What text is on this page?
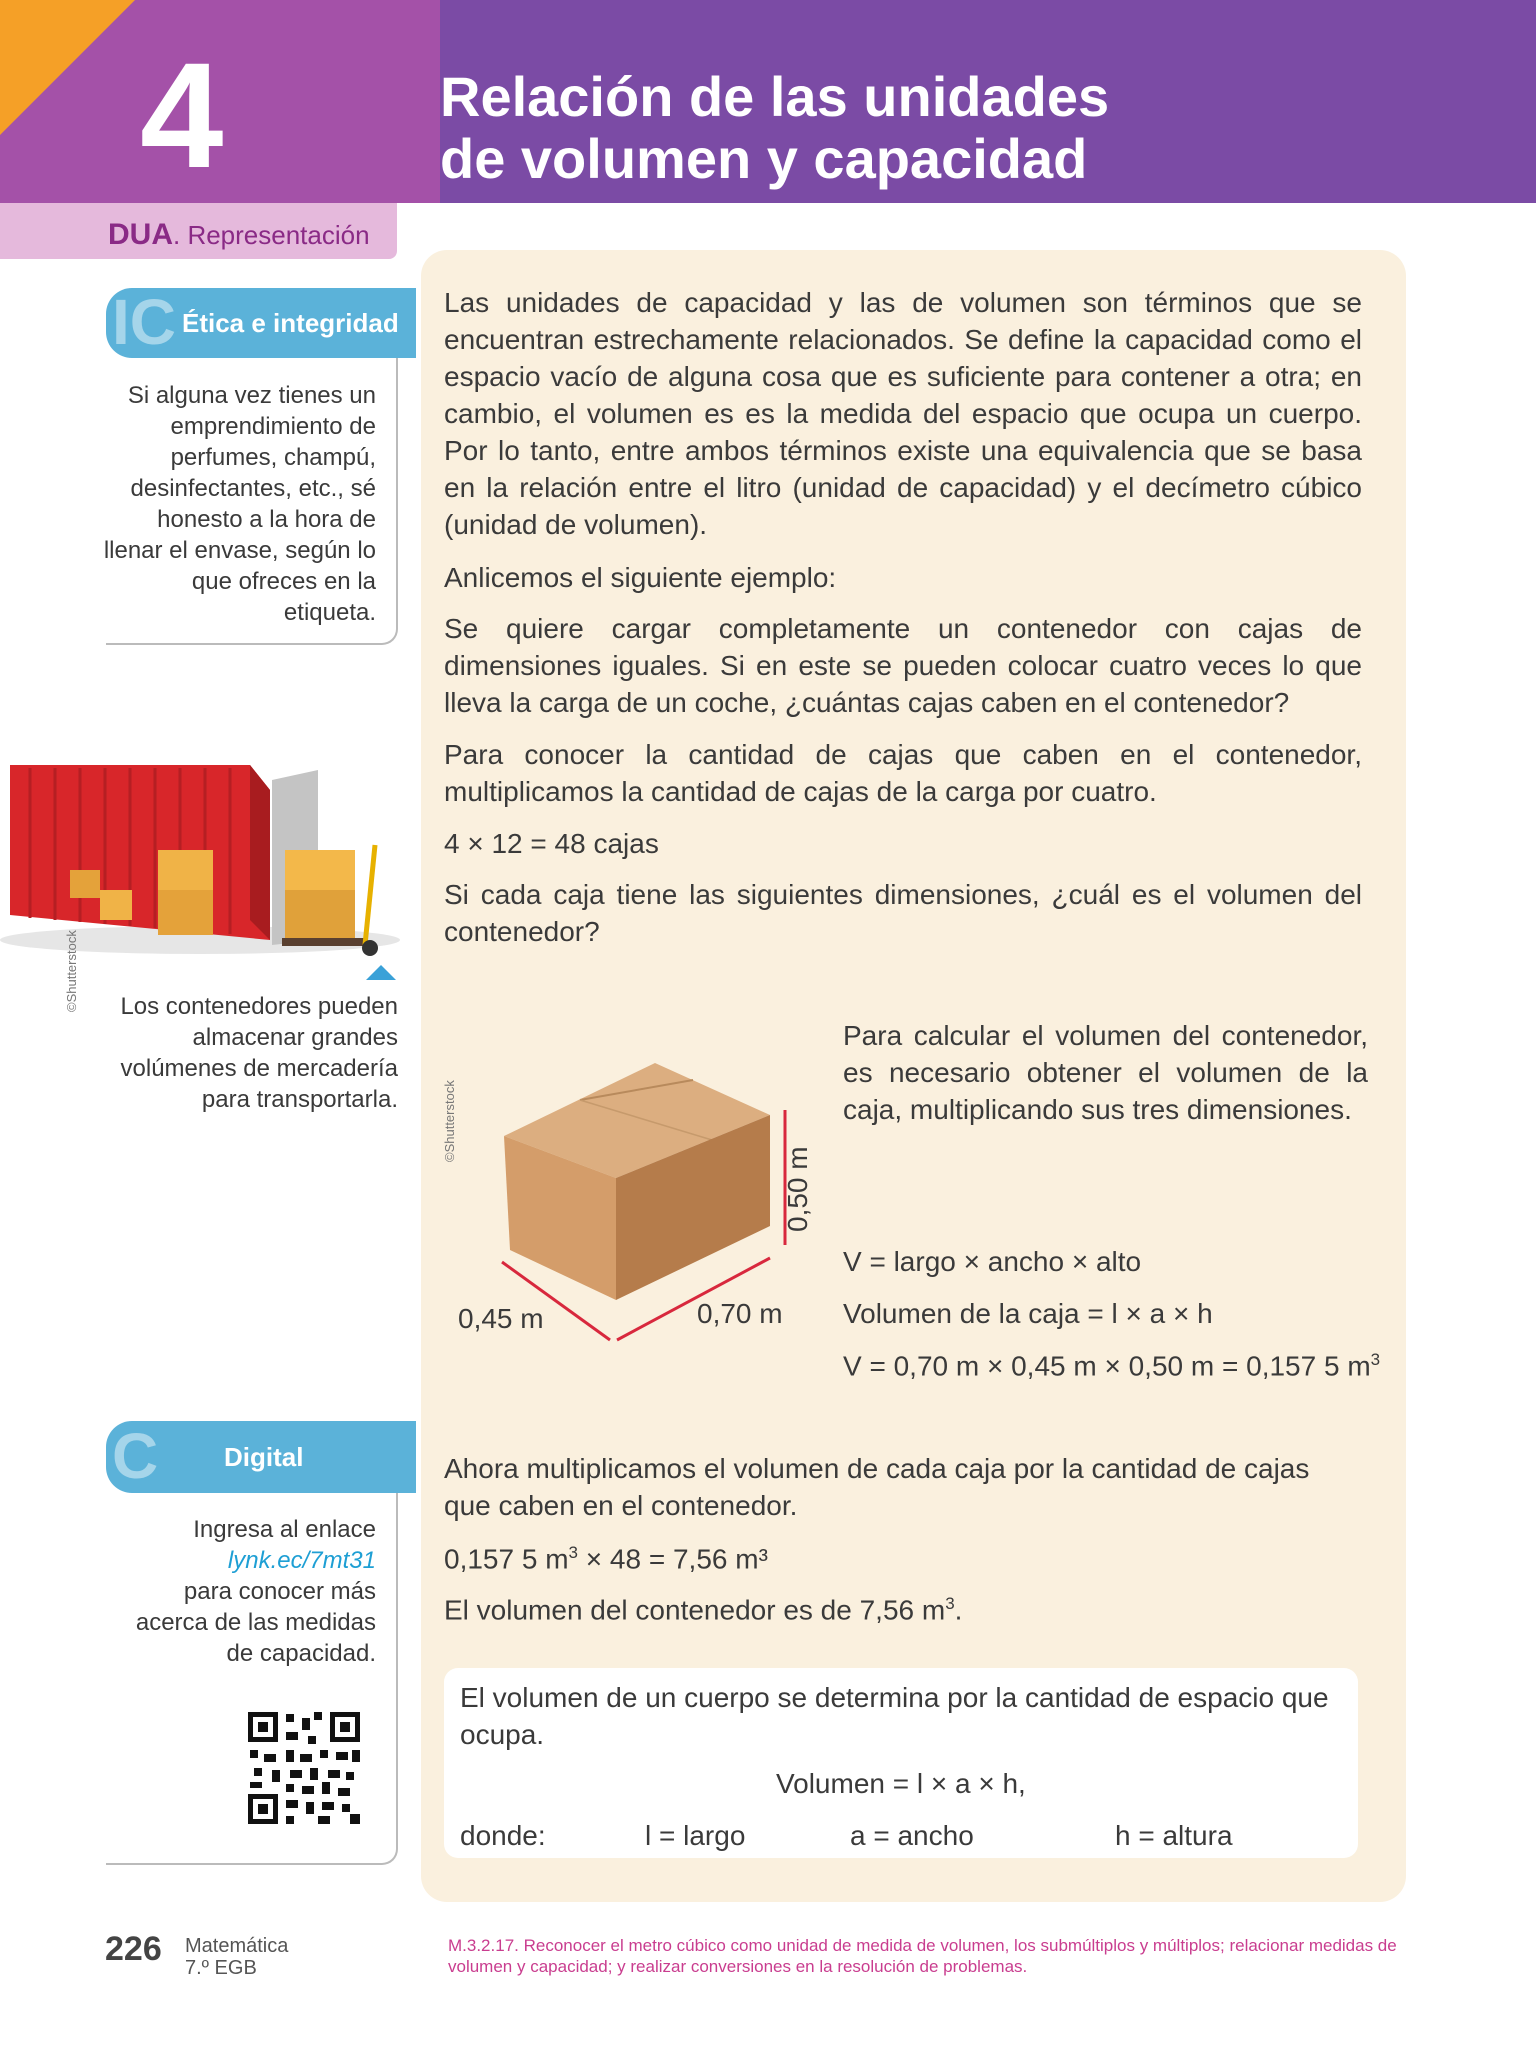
4	Relación de las unidades
de volumen y capacidad
DUA. Representación
IC Ética e integridad
Si alguna vez tienes un
emprendimiento de
perfumes, champú,
desinfectantes, etc., sé
honesto a la hora de
llenar el envase, según lo
que ofreces en la
etiqueta.
©Shutterstock	Los contenedores pueden
almacenar grandes
volúmenes de mercadería
para transportarla.
C	Digital
Ingresa al enlace
lynk.ec/7mt31
para conocer más
acerca de las medidas
de capacidad.
Las unidades de capacidad y las de volumen son términos que se encuentran estrechamente relacionados. Se define la capacidad como el espacio vacío de alguna cosa que es suficiente para contener a otra; en cambio, el volumen es es la medida del espacio que ocupa un cuerpo. Por lo tanto, entre ambos términos existe una equivalencia que se basa en la relación entre el litro (unidad de capacidad) y el decímetro cúbico (unidad de volumen).
Anlicemos el siguiente ejemplo:
Se quiere cargar completamente un contenedor con cajas de dimensiones iguales. Si en este se pueden colocar cuatro veces lo que lleva la carga de un coche, ¿cuántas cajas caben en el contenedor?
Para conocer la cantidad de cajas que caben en el contenedor, multiplicamos la cantidad de cajas de la carga por cuatro.
4 × 12 = 48 cajas
Si cada caja tiene las siguientes dimensiones, ¿cuál es el volumen del contenedor?
©Shutterstock
0,50 m
0,45 m	0,70 m
Para calcular el volumen del contenedor, es necesario obtener el volumen de la caja, multiplicando sus tres dimensiones.
V = largo × ancho × alto
Volumen de la caja = l × a × h
V = 0,70 m × 0,45 m × 0,50 m = 0,157 5 $m^3$
Ahora multiplicamos el volumen de cada caja por la cantidad de cajas que caben en el contenedor.
0,157 5 $m^3 \times 48 = 7,56$ m³
El volumen del contenedor es de 7,56 $m^3$.
El volumen de un cuerpo se determina por la cantidad de espacio que ocupa.
Volumen = l × a × h,
donde:	l = largo	a = ancho	h = altura
226 Matemática
7.º EGB
M.3.2.17. Reconocer el metro cúbico como unidad de medida de volumen, los submúltiplos y múltiplos; relacionar medidas de volumen y capacidad; y realizar conversiones en la resolución de problemas.
